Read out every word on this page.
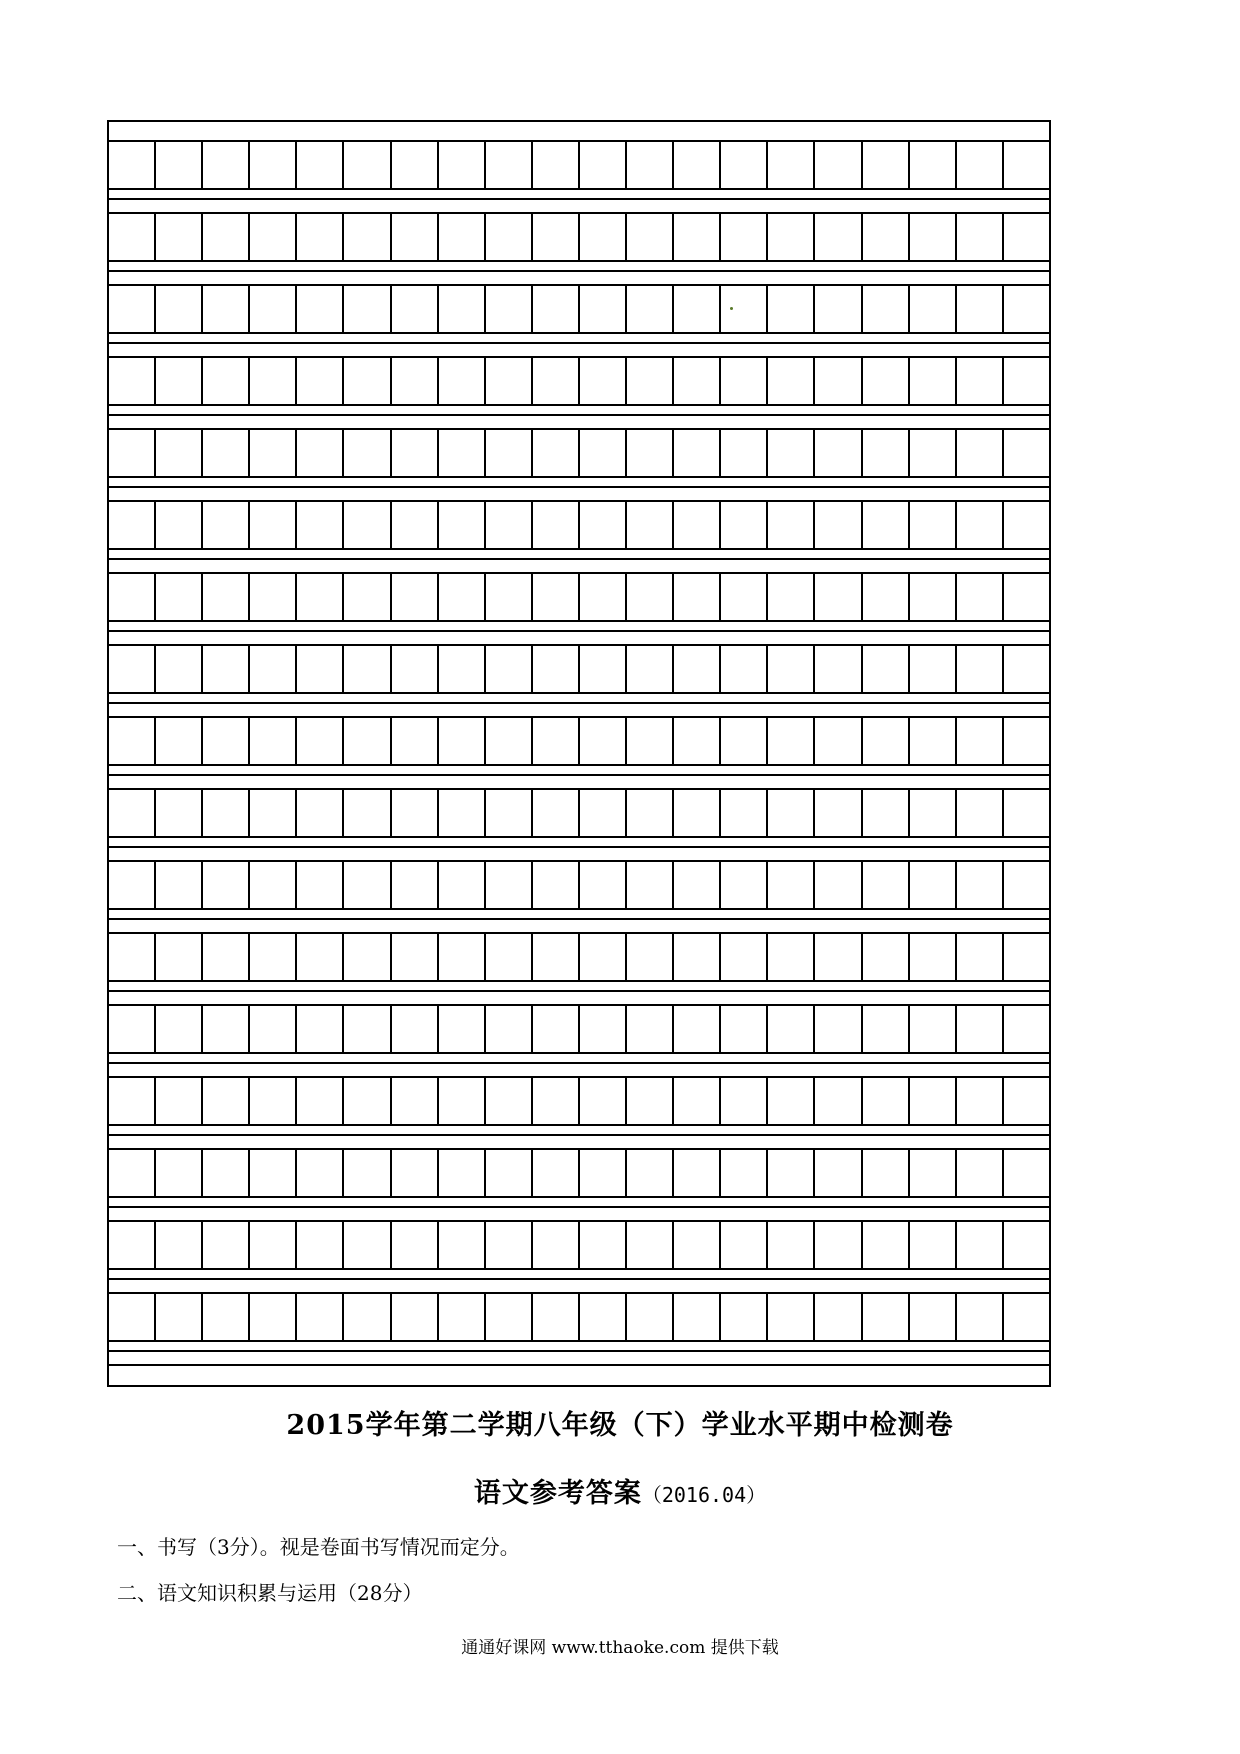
2015学年第二学期八年级（下）学业水平期中检测卷
语文参考答案（2016.04）
一、书写（3分）。视是卷面书写情况而定分。
二、语文知识积累与运用（28分）
通通好课网 www.tthaoke.com 提供下载
